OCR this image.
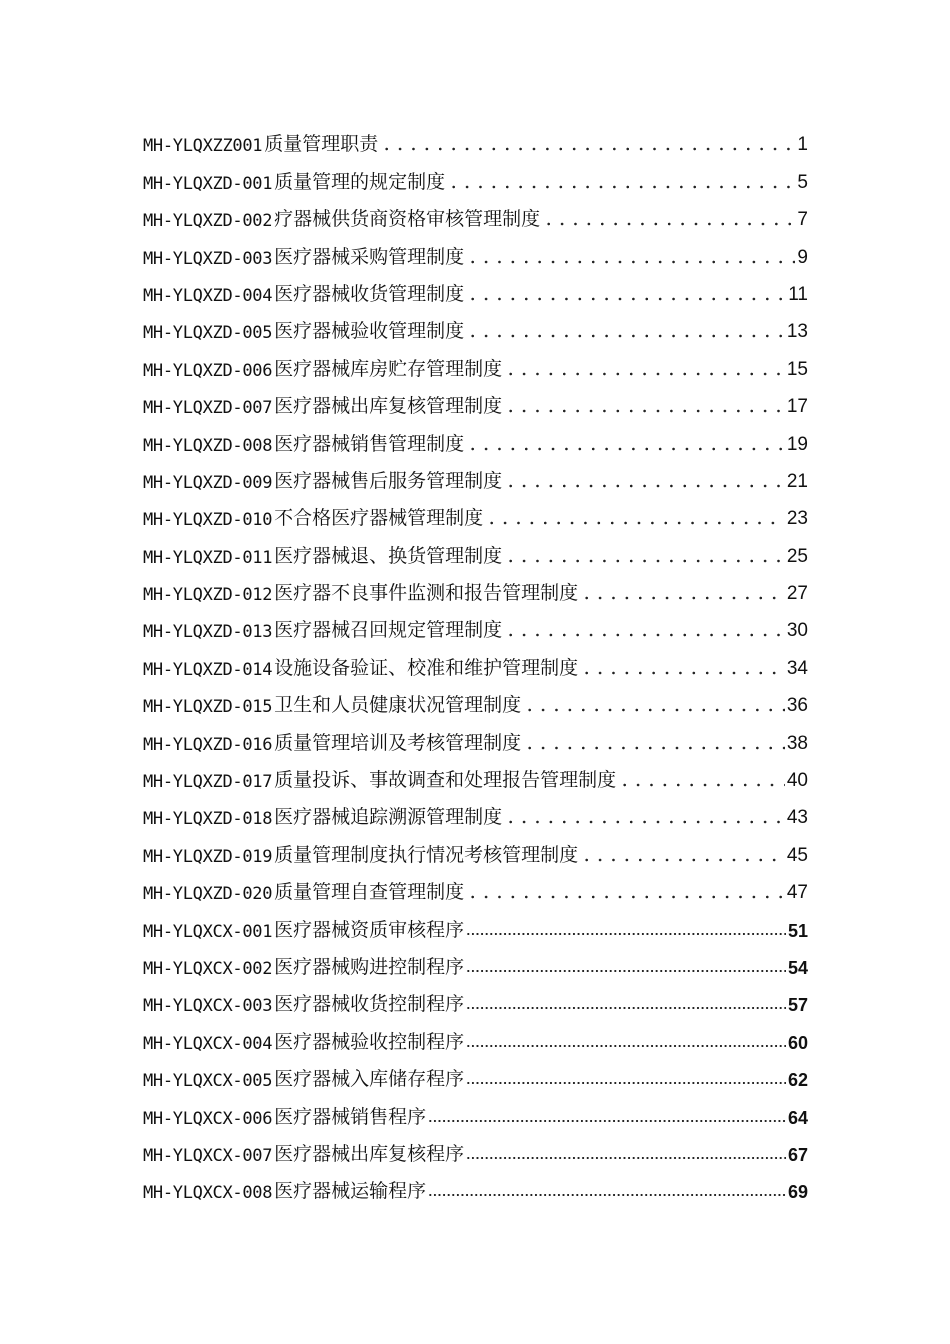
MH-YLQXZZ001 质量管理职责	1
MH-YLQXZD-001 质量管理的规定制度	5
MH-YLQXZD-002 疗器械供货商资格审核管理制度	7
MH-YLQXZD-003 医疗器械采购管理制度	9
MH-YLQXZD-004 医疗器械收货管理制度	11
MH-YLQXZD-005 医疗器械验收管理制度	13
MH-YLQXZD-006 医疗器械库房贮存管理制度	15
MH-YLQXZD-007 医疗器械出库复核管理制度	17
MH-YLQXZD-008 医疗器械销售管理制度	19
MH-YLQXZD-009 医疗器械售后服务管理制度	21
MH-YLQXZD-010 不合格医疗器械管理制度	23
MH-YLQXZD-011 医疗器械退、换货管理制度	25
MH-YLQXZD-012 医疗器不良事件监测和报告管理制度	27
MH-YLQXZD-013 医疗器械召回规定管理制度	30
MH-YLQXZD-014 设施设备验证、校准和维护管理制度	34
MH-YLQXZD-015 卫生和人员健康状况管理制度	36
MH-YLQXZD-016 质量管理培训及考核管理制度	38
MH-YLQXZD-017 质量投诉、事故调查和处理报告管理制度	40
MH-YLQXZD-018 医疗器械追踪溯源管理制度	43
MH-YLQXZD-019 质量管理制度执行情况考核管理制度	45
MH-YLQXZD-020 质量管理自查管理制度	47
MH-YLQXCX-001 医疗器械资质审核程序	51
MH-YLQXCX-002 医疗器械购进控制程序	54
MH-YLQXCX-003 医疗器械收货控制程序	57
MH-YLQXCX-004 医疗器械验收控制程序	60
MH-YLQXCX-005 医疗器械入库储存程序	62
MH-YLQXCX-006 医疗器械销售程序	64
MH-YLQXCX-007 医疗器械出库复核程序	67
MH-YLQXCX-008 医疗器械运输程序	69
